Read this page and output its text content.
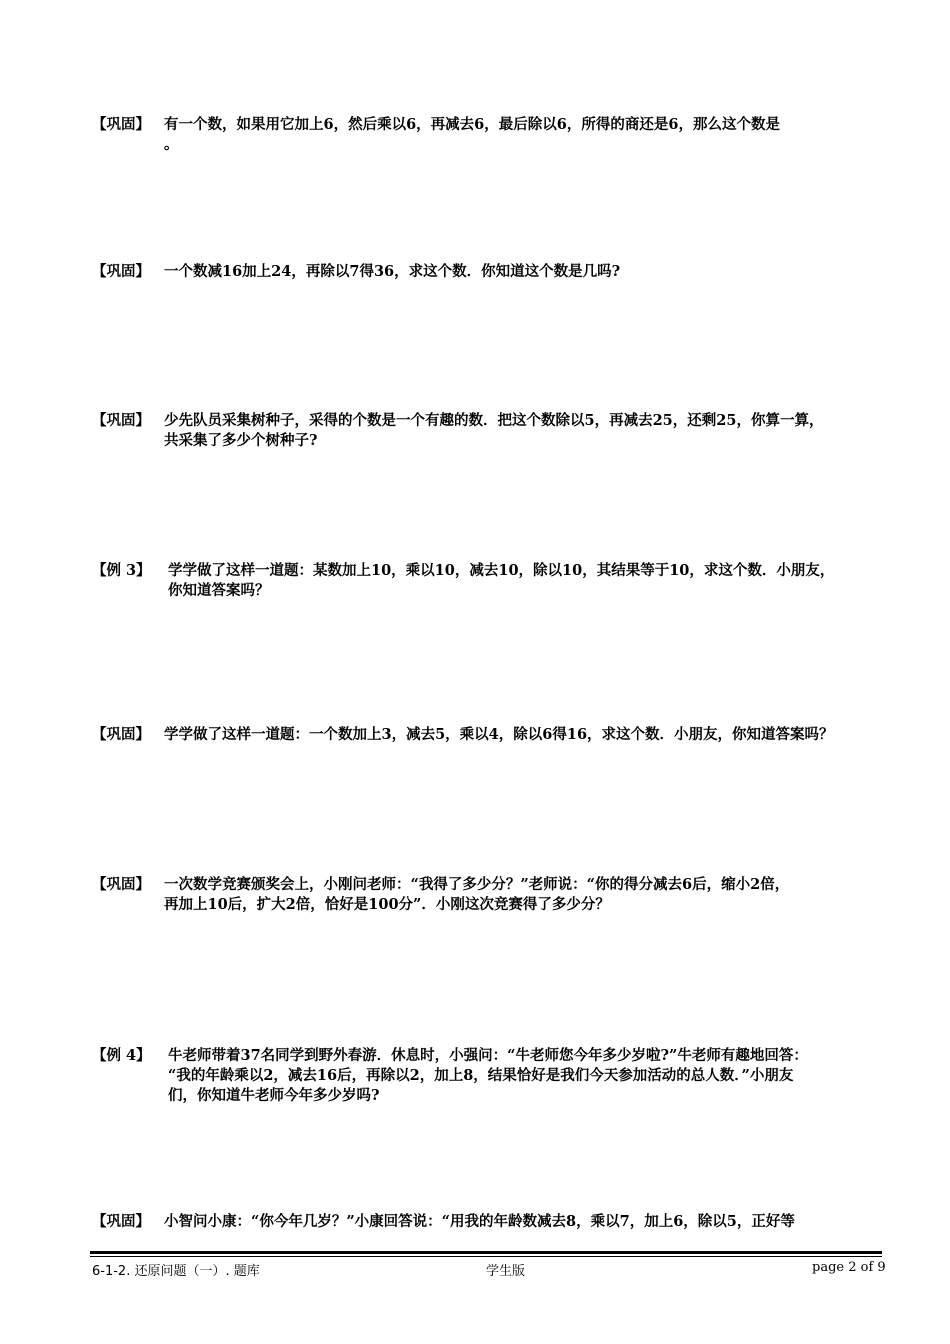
【巩固】 有一个数，如果用它加上6，然后乘以6，再减去6，最后除以6，所得的商还是6，那么这个数是
。
【巩固】 一个数减16加上24，再除以7得36，求这个数．你知道这个数是几吗?
【巩固】 少先队员采集树种子，采得的个数是一个有趣的数．把这个数除以5，再减去25，还剩25，你算一算，
共采集了多少个树种子?
【例 3】 学学做了这样一道题：某数加上10，乘以10，减去10，除以10，其结果等于10，求这个数．小朋友，
你知道答案吗？
【巩固】 学学做了这样一道题：一个数加上3，减去5，乘以4，除以6得16，求这个数．小朋友，你知道答案吗？
【巩固】 一次数学竞赛颁奖会上，小刚问老师：“我得了多少分？”老师说：“你的得分减去6后，缩小2倍，
再加上10后，扩大2倍，恰好是100分”．小刚这次竞赛得了多少分？
【例 4】 牛老师带着37名同学到野外春游．休息时，小强问：“牛老师您今年多少岁啦?”牛老师有趣地回答：
“我的年龄乘以2，减去16后，再除以2，加上8，结果恰好是我们今天参加活动的总人数．”小朋友
们，你知道牛老师今年多少岁吗?
【巩固】 小智问小康：“你今年几岁？”小康回答说：“用我的年龄数减去8，乘以7，加上6，除以5，正好等
6-1-2. 还原问题（一）. 题库	学生版	page 2 of 9
